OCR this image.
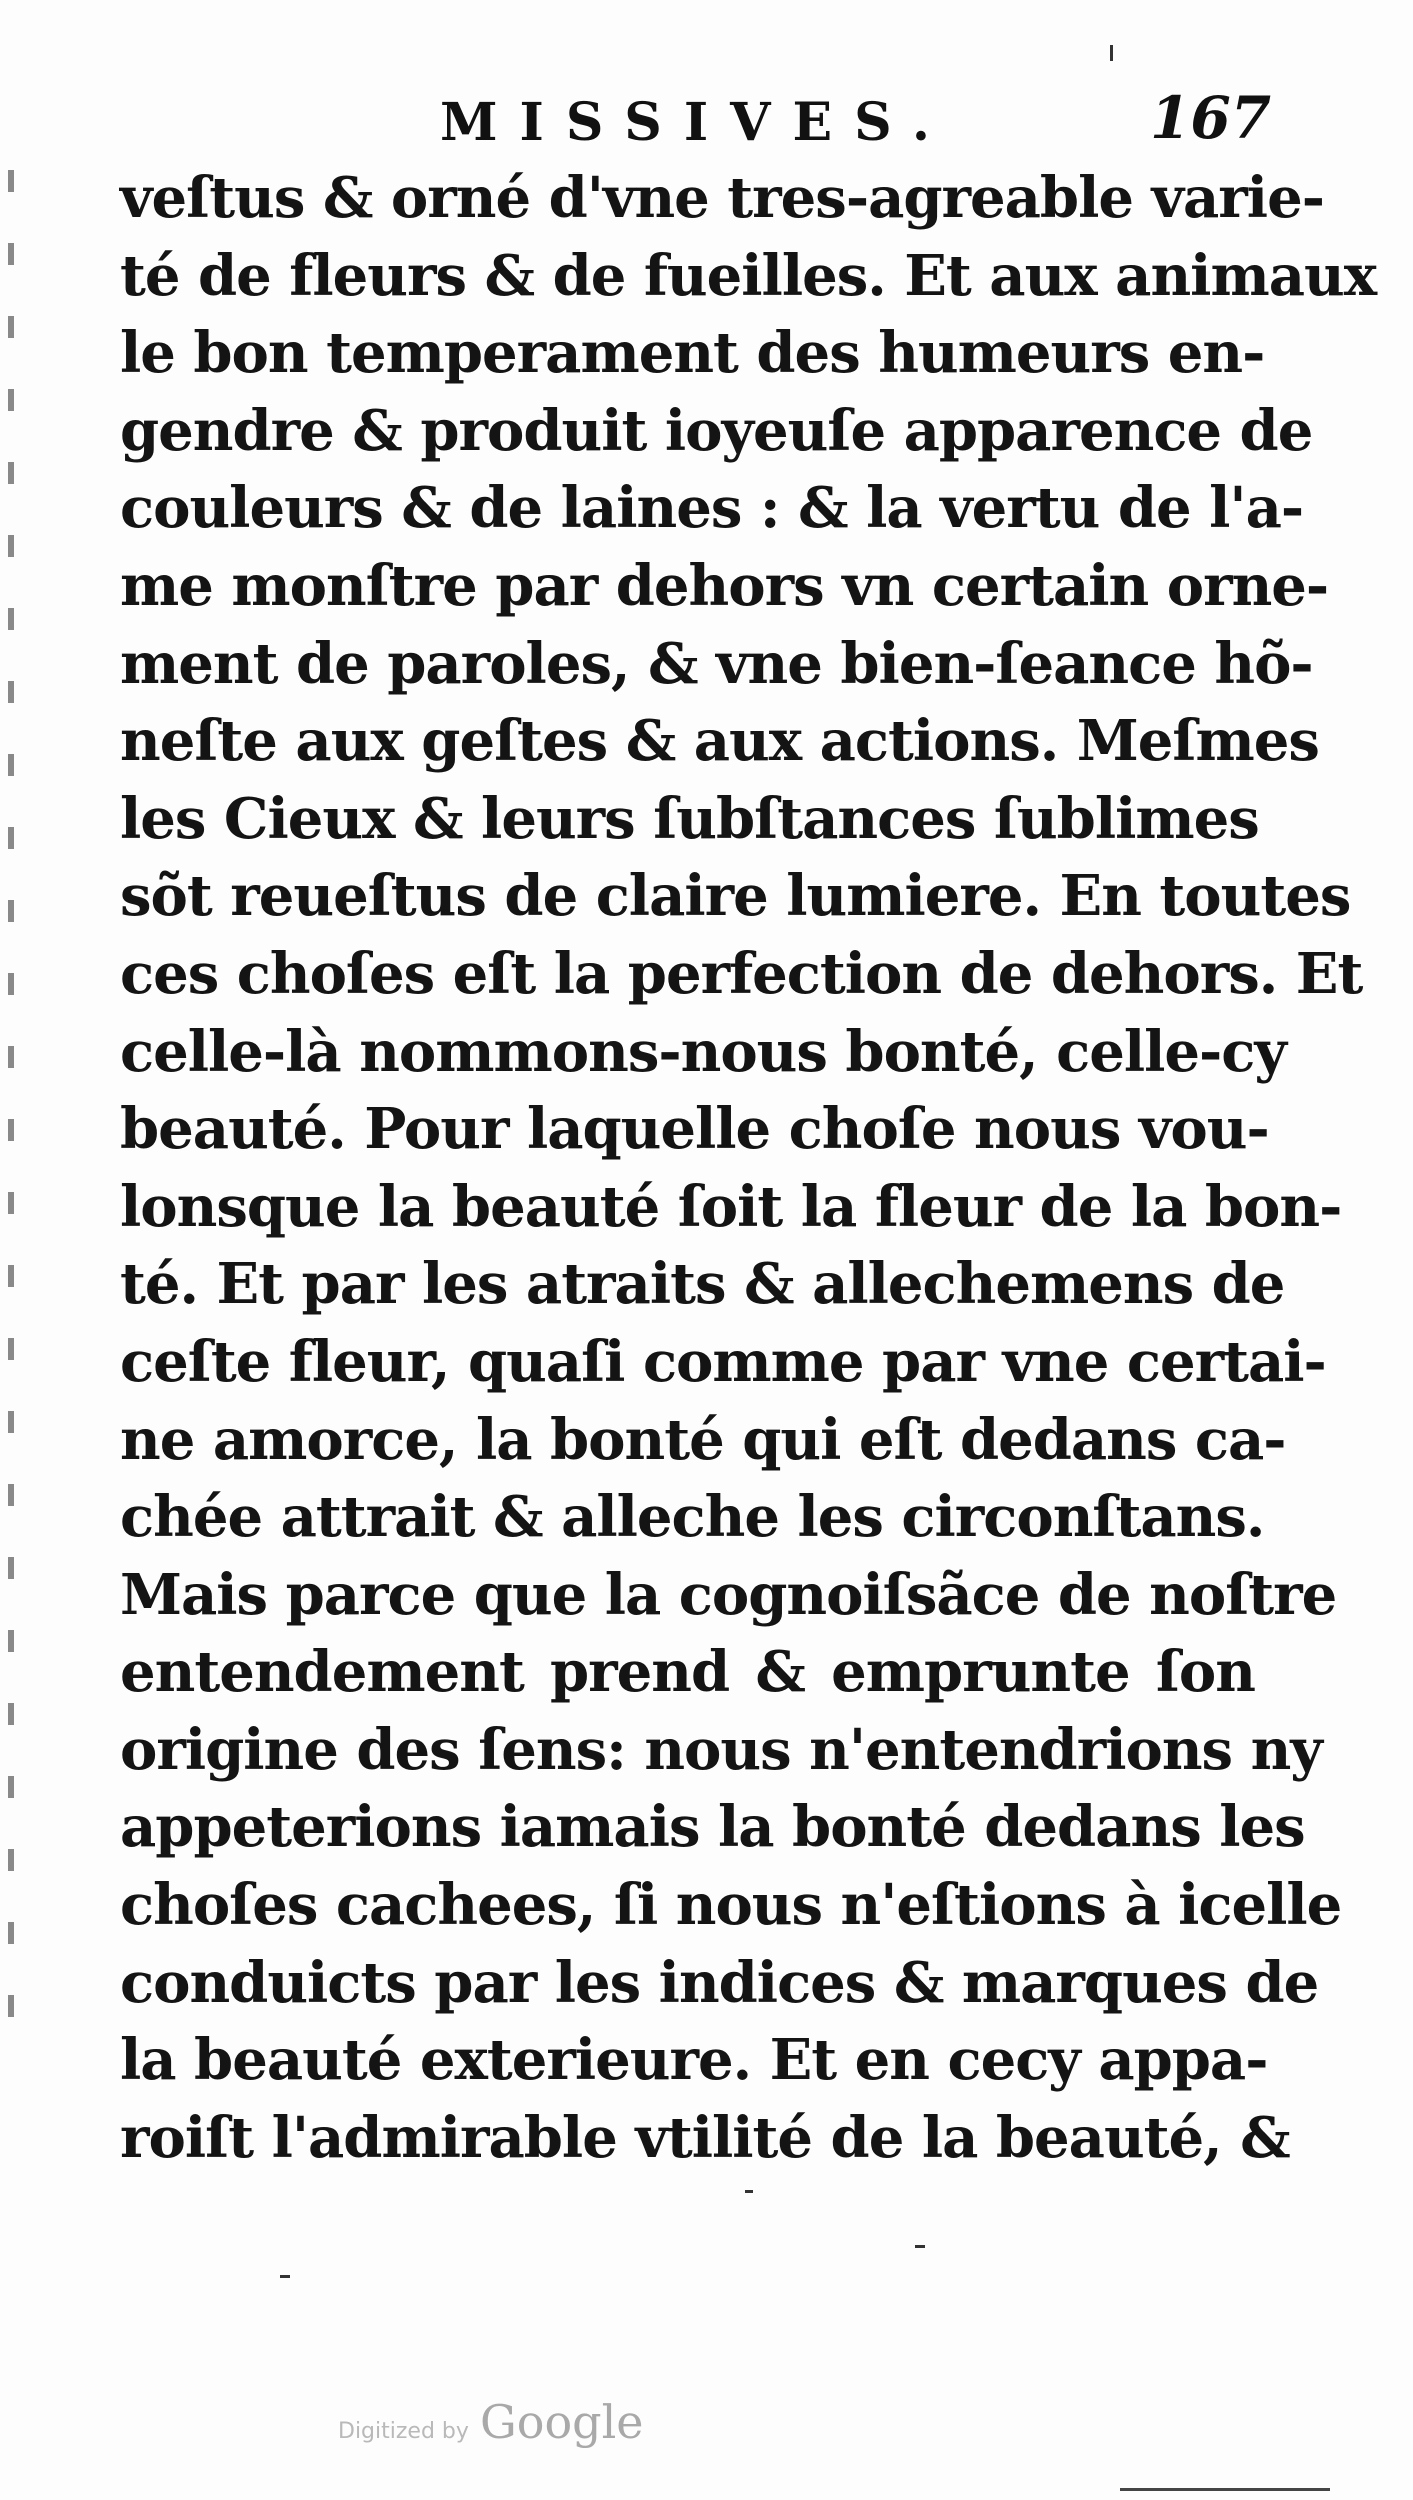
MISSIVES.	167
veſtus & orné d'vne tres-agreable varie-
té de fleurs & de fueilles. Et aux animaux
le bon temperament des humeurs en-
gendre & produit ioyeuſe apparence de
couleurs & de laines : & la vertu de l'a-
me monſtre par dehors vn certain orne-
ment de paroles, & vne bien-ſeance hõ-
neſte aux geſtes & aux actions. Meſmes
les Cieux & leurs ſubſtances ſublimes
sõt reueſtus de claire lumiere. En toutes
ces choſes eſt la perfection de dehors. Et
celle-là nommons-nous bonté, celle-cy
beauté. Pour laquelle choſe nous vou-
lonsque la beauté ſoit la fleur de la bon-
té. Et par les atraits & allechemens de
ceſte fleur, quaſi comme par vne certai-
ne amorce, la bonté qui eſt dedans ca-
chée attrait & alleche les circonſtans.
Mais parce que la cognoiſsãce de noſtre
entendement prend & emprunte ſon
origine des ſens: nous n'entendrions ny
appeterions iamais la bonté dedans les
choſes cachees, ſi nous n'eſtions à icelle
conduicts par les indices & marques de
la beauté exterieure. Et en cecy appa-
roiſt l'admirable vtilité de la beauté, &
Digitized by Google
